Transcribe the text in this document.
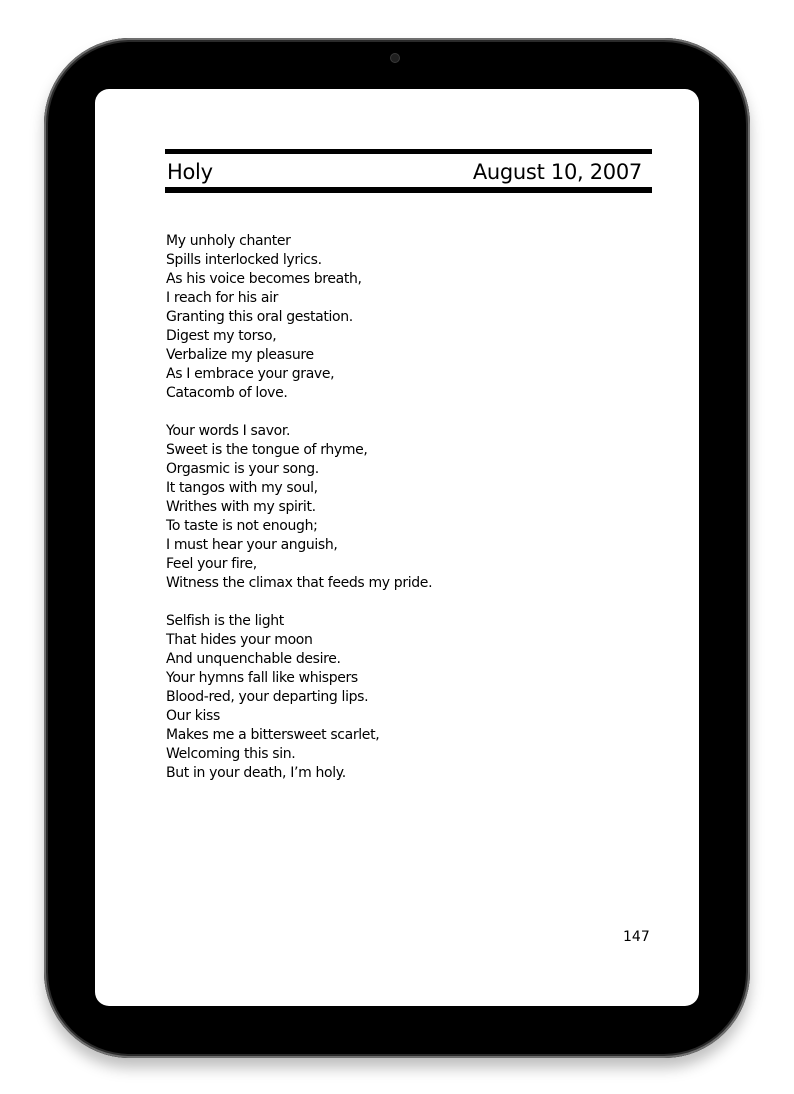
Holy	August 10, 2007
My unholy chanter
Spills interlocked lyrics.
As his voice becomes breath,
I reach for his air
Granting this oral gestation.
Digest my torso,
Verbalize my pleasure
As I embrace your grave,
Catacomb of love.
Your words I savor.
Sweet is the tongue of rhyme,
Orgasmic is your song.
It tangos with my soul,
Writhes with my spirit.
To taste is not enough;
I must hear your anguish,
Feel your fire,
Witness the climax that feeds my pride.
Selfish is the light
That hides your moon
And unquenchable desire.
Your hymns fall like whispers
Blood-red, your departing lips.
Our kiss
Makes me a bittersweet scarlet,
Welcoming this sin.
But in your death, I’m holy.
147
